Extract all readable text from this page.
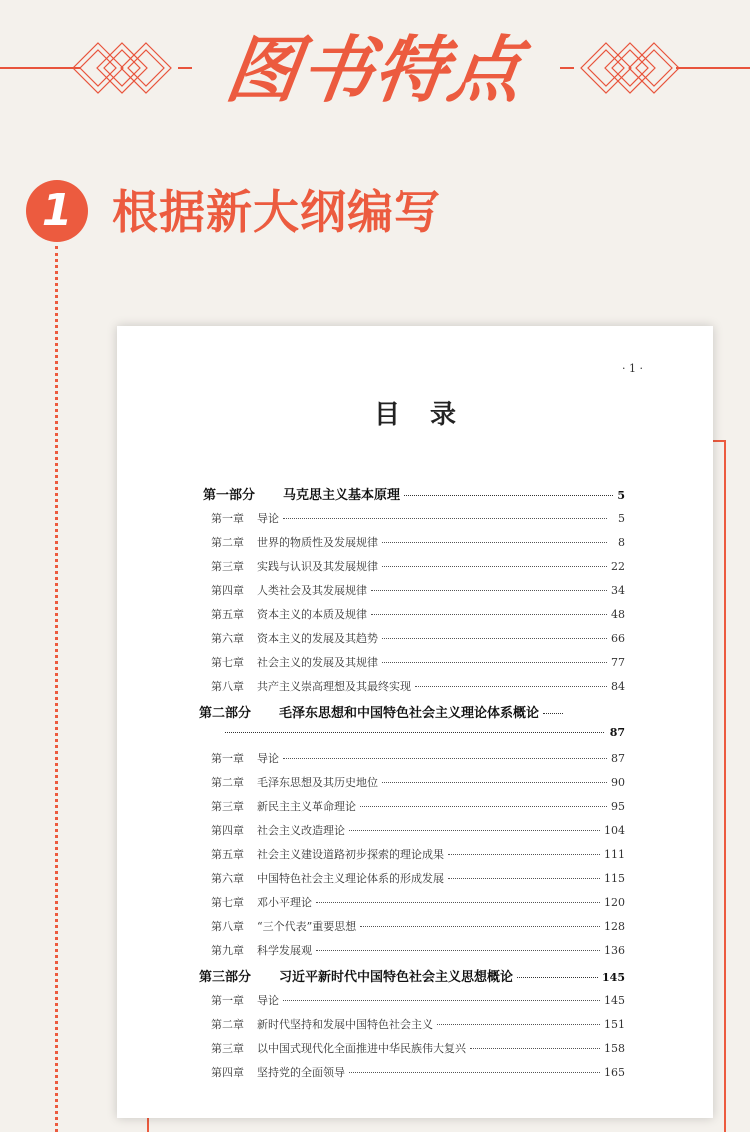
图书特点
1 根据新大纲编写
· 1 ·
目录
第一部分	马克思主义基本原理	5
第一章	导论	5
第二章	世界的物质性及发展规律	8
第三章	实践与认识及其发展规律	22
第四章	人类社会及其发展规律	34
第五章	资本主义的本质及规律	48
第六章	资本主义的发展及其趋势	66
第七章	社会主义的发展及其规律	77
第八章	共产主义崇高理想及其最终实现	84
第二部分	毛泽东思想和中国特色社会主义理论体系概论
87
第一章	导论	87
第二章	毛泽东思想及其历史地位	90
第三章	新民主主义革命理论	95
第四章	社会主义改造理论	104
第五章	社会主义建设道路初步探索的理论成果	111
第六章	中国特色社会主义理论体系的形成发展	115
第七章	邓小平理论	120
第八章	“三个代表”重要思想	128
第九章	科学发展观	136
第三部分	习近平新时代中国特色社会主义思想概论	145
第一章	导论	145
第二章	新时代坚持和发展中国特色社会主义	151
第三章	以中国式现代化全面推进中华民族伟大复兴	158
第四章	坚持党的全面领导	165
